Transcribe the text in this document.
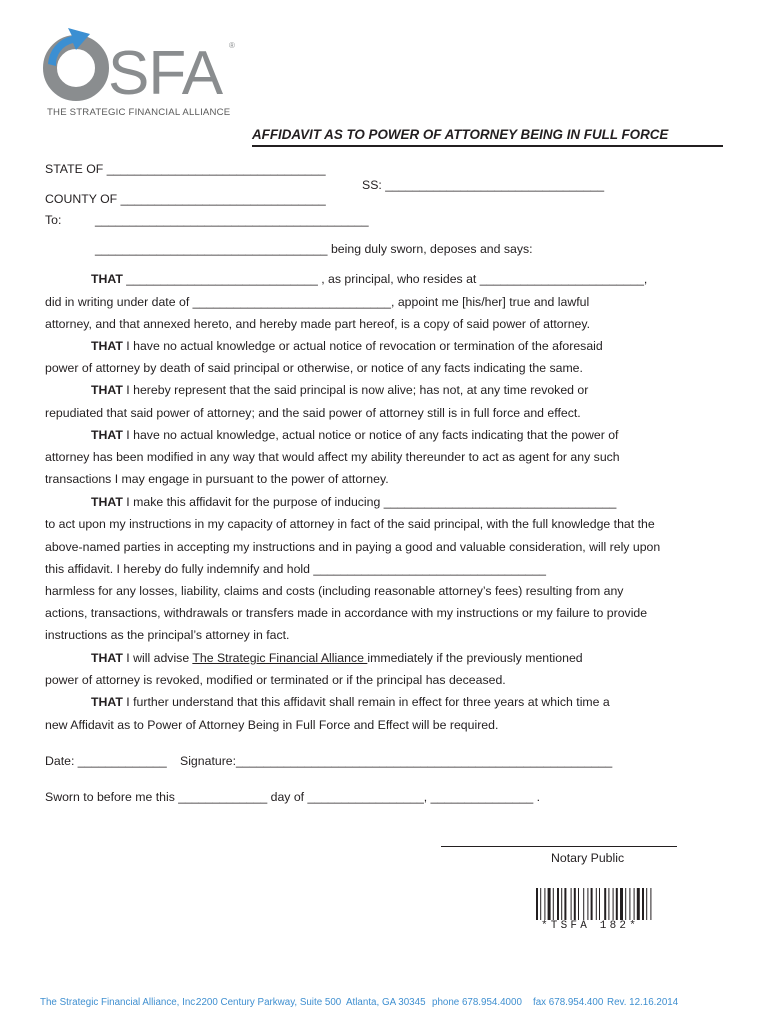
SFA ®
THE STRATEGIC FINANCIAL ALLIANCE
AFFIDAVIT AS TO POWER OF ATTORNEY BEING IN FULL FORCE
STATE OF ________________________________
SS: ________________________________
COUNTY OF ______________________________
To:	________________________________________
__________________________________ being duly sworn, deposes and says:
THAT ____________________________ , as principal, who resides at ________________________,
did in writing under date of _____________________________, appoint me [his/her] true and lawful
attorney, and that annexed hereto, and hereby made part hereof, is a copy of said power of attorney.
THAT I have no actual knowledge or actual notice of revocation or termination of the aforesaid
power of attorney by death of said principal or otherwise, or notice of any facts indicating the same.
THAT I hereby represent that the said principal is now alive; has not, at any time revoked or
repudiated that said power of attorney; and the said power of attorney still is in full force and effect.
THAT I have no actual knowledge, actual notice or notice of any facts indicating that the power of
attorney has been modified in any way that would affect my ability thereunder to act as agent for any such
transactions I may engage in pursuant to the power of attorney.
THAT I make this affidavit for the purpose of inducing __________________________________
to act upon my instructions in my capacity of attorney in fact of the said principal, with the full knowledge that the
above-named parties in accepting my instructions and in paying a good and valuable consideration, will rely upon
this affidavit. I hereby do fully indemnify and hold __________________________________
harmless for any losses, liability, claims and costs (including reasonable attorney’s fees) resulting from any
actions, transactions, withdrawals or transfers made in accordance with my instructions or my failure to provide
instructions as the principal’s attorney in fact.
THAT I will advise The Strategic Financial Alliance immediately if the previously mentioned
power of attorney is revoked, modified or terminated or if the principal has deceased.
THAT I further understand that this affidavit shall remain in effect for three years at which time a
new Affidavit as to Power of Attorney Being in Full Force and Effect will be required.
Date: _____________ Signature:_______________________________________________________
Sworn to before me this _____________ day of _________________, _______________ .
Notary Public
*TSFA 182*
The Strategic Financial Alliance, Inc.
2200 Century Parkway, Suite 500 Atlanta, GA 30345 phone 678.954.4000 fax 678.954.400 Rev. 12.16.2014
